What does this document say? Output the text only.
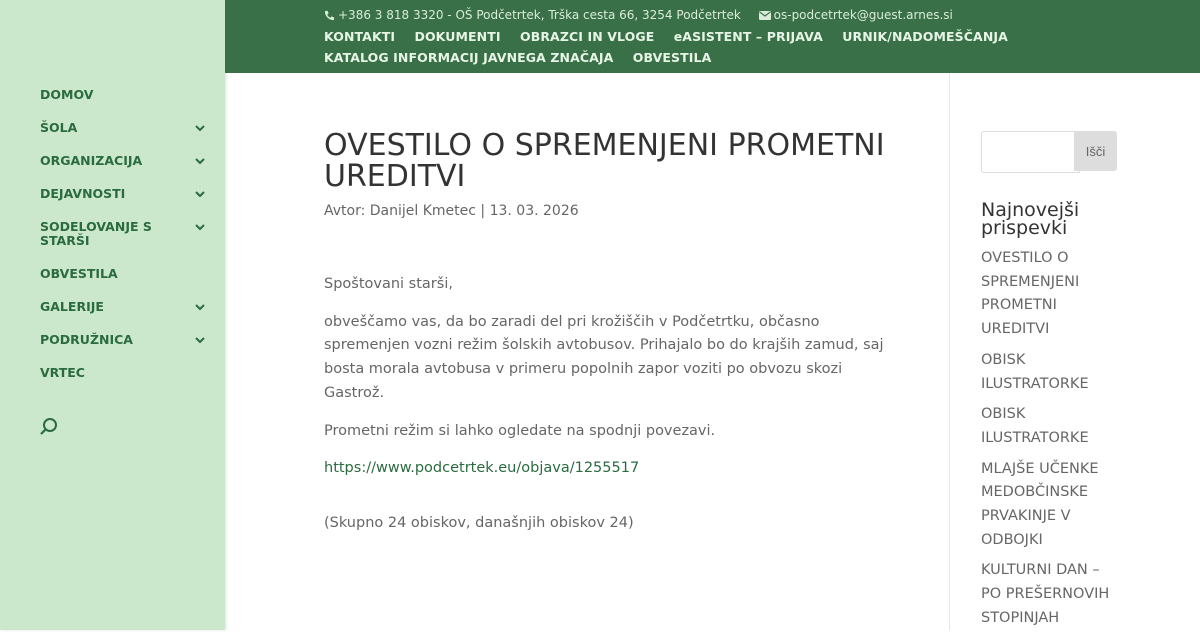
DOMOV
ŠOLA
ORGANIZACIJA
DEJAVNOSTI
SODELOVANJE S STARŠI
OBVESTILA
GALERIJE
PODRUŽNICA
VRTEC
+386 3 818 3320 - OŠ Podčetrtek, Trška cesta 66, 3254 Podčetrtek	os-podcetrtek@guest.arnes.si
KONTAKTI DOKUMENTI OBRAZCI IN VLOGE eASISTENT – PRIJAVA URNIK/NADOMEŠČANJA
KATALOG INFORMACIJ JAVNEGA ZNAČAJA OBVESTILA
OVESTILO O SPREMENJENI PROMETNI UREDITVI
Avtor: Danijel Kmetec | 13. 03. 2026

Spoštovani starši,

obveščamo vas, da bo zaradi del pri krožiščih v Podčetrtku, občasno spremenjen vozni režim šolskih avtobusov. Prihajalo bo do krajših zamud, saj bosta morala avtobusa v primeru popolnih zapor voziti po obvozu skozi Gastrož.

Prometni režim si lahko ogledate na spodnji povezavi.

https://www.podcetrtek.eu/objava/1255517

(Skupno 24 obiskov, današnjih obiskov 24)

Išči
Najnovejši prispevki
OVESTILO O SPREMENJENI PROMETNI UREDITVI
OBISK ILUSTRATORKE
OBISK ILUSTRATORKE
MLAJŠE UČENKE MEDOBČINSKE PRVAKINJE V ODBOJKI
KULTURNI DAN – PO PREŠERNOVIH STOPINJAH
